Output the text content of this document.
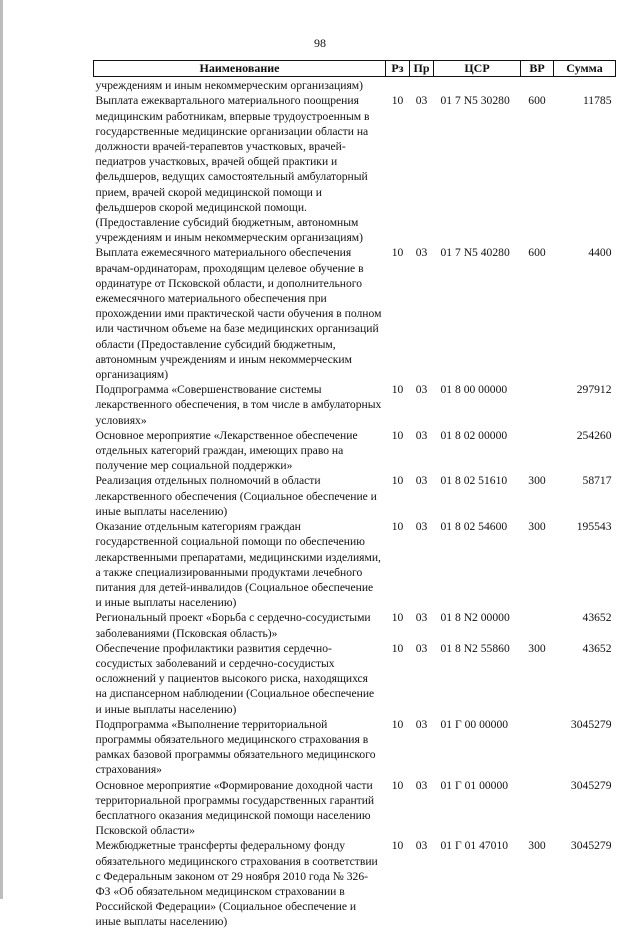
98
Наименование	Рз	Пр	ЦСР	ВР	Сумма
учреждениям и иным некоммерческим организациям)					
Выплата ежеквартального материального поощрения медицинским работникам, впервые трудоустроенным в государственные медицинские организации области на должности врачей-терапевтов участковых, врачей-педиатров участковых, врачей общей практики и фельдшеров, ведущих самостоятельный амбулаторный прием, врачей скорой медицинской помощи и фельдшеров скорой медицинской помощи. (Предоставление субсидий бюджетным, автономным учреждениям и иным некоммерческим организациям)	10	03	01 7 N5 30280	600	11785
Выплата ежемесячного материального обеспечения врачам-ординаторам, проходящим целевое обучение в ординатуре от Псковской области, и дополнительного ежемесячного материального обеспечения при прохождении ими практической части обучения в полном или частичном объеме на базе медицинских организаций области (Предоставление субсидий бюджетным, автономным учреждениям и иным некоммерческим организациям)	10	03	01 7 N5 40280	600	4400
Подпрограмма «Совершенствование системы лекарственного обеспечения, в том числе в амбулаторных условиях»	10	03	01 8 00 00000		297912
Основное мероприятие «Лекарственное обеспечение отдельных категорий граждан, имеющих право на получение мер социальной поддержки»	10	03	01 8 02 00000		254260
Реализация отдельных полномочий в области лекарственного обеспечения (Социальное обеспечение и иные выплаты населению)	10	03	01 8 02 51610	300	58717
Оказание отдельным категориям граждан государственной социальной помощи по обеспечению лекарственными препаратами, медицинскими изделиями, а также специализированными продуктами лечебного питания для детей-инвалидов (Социальное обеспечение и иные выплаты населению)	10	03	01 8 02 54600	300	195543
Региональный проект «Борьба с сердечно-сосудистыми заболеваниями (Псковская область)»	10	03	01 8 N2 00000		43652
Обеспечение профилактики развития сердечно-сосудистых заболеваний и сердечно-сосудистых осложнений у пациентов высокого риска, находящихся на диспансерном наблюдении (Социальное обеспечение и иные выплаты населению)	10	03	01 8 N2 55860	300	43652
Подпрограмма «Выполнение территориальной программы обязательного медицинского страхования в рамках базовой программы обязательного медицинского страхования»	10	03	01 Г 00 00000		3045279
Основное мероприятие «Формирование доходной части территориальной программы государственных гарантий бесплатного оказания медицинской помощи населению Псковской области»	10	03	01 Г 01 00000		3045279
Межбюджетные трансферты федеральному фонду обязательного медицинского страхования в соответствии с Федеральным законом от 29 ноября 2010 года № 326-ФЗ «Об обязательном медицинском страховании в Российской Федерации» (Социальное обеспечение и иные выплаты населению)	10	03	01 Г 01 47010	300	3045279
